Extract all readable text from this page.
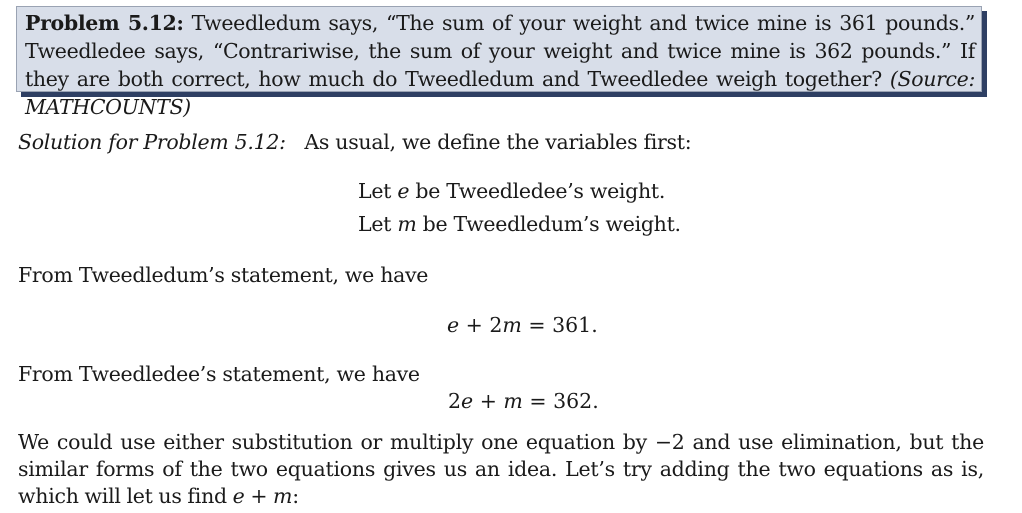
Problem 5.12: Tweedledum says, “The sum of your weight and twice mine is 361 pounds.” Tweedledee says, “Contrariwise, the sum of your weight and twice mine is 362 pounds.” If they are both correct, how much do Tweedledum and Tweedledee weigh together? (Source: MATHCOUNTS)
Solution for Problem 5.12: As usual, we define the variables first:
Let e be Tweedledee’s weight.
Let m be Tweedledum’s weight.
From Tweedledum’s statement, we have
e + 2m = 361.
From Tweedledee’s statement, we have
2e + m = 362.
We could use either substitution or multiply one equation by −2 and use elimination, but the similar forms of the two equations gives us an idea. Let’s try adding the two equations as is, which will let us find e + m:
